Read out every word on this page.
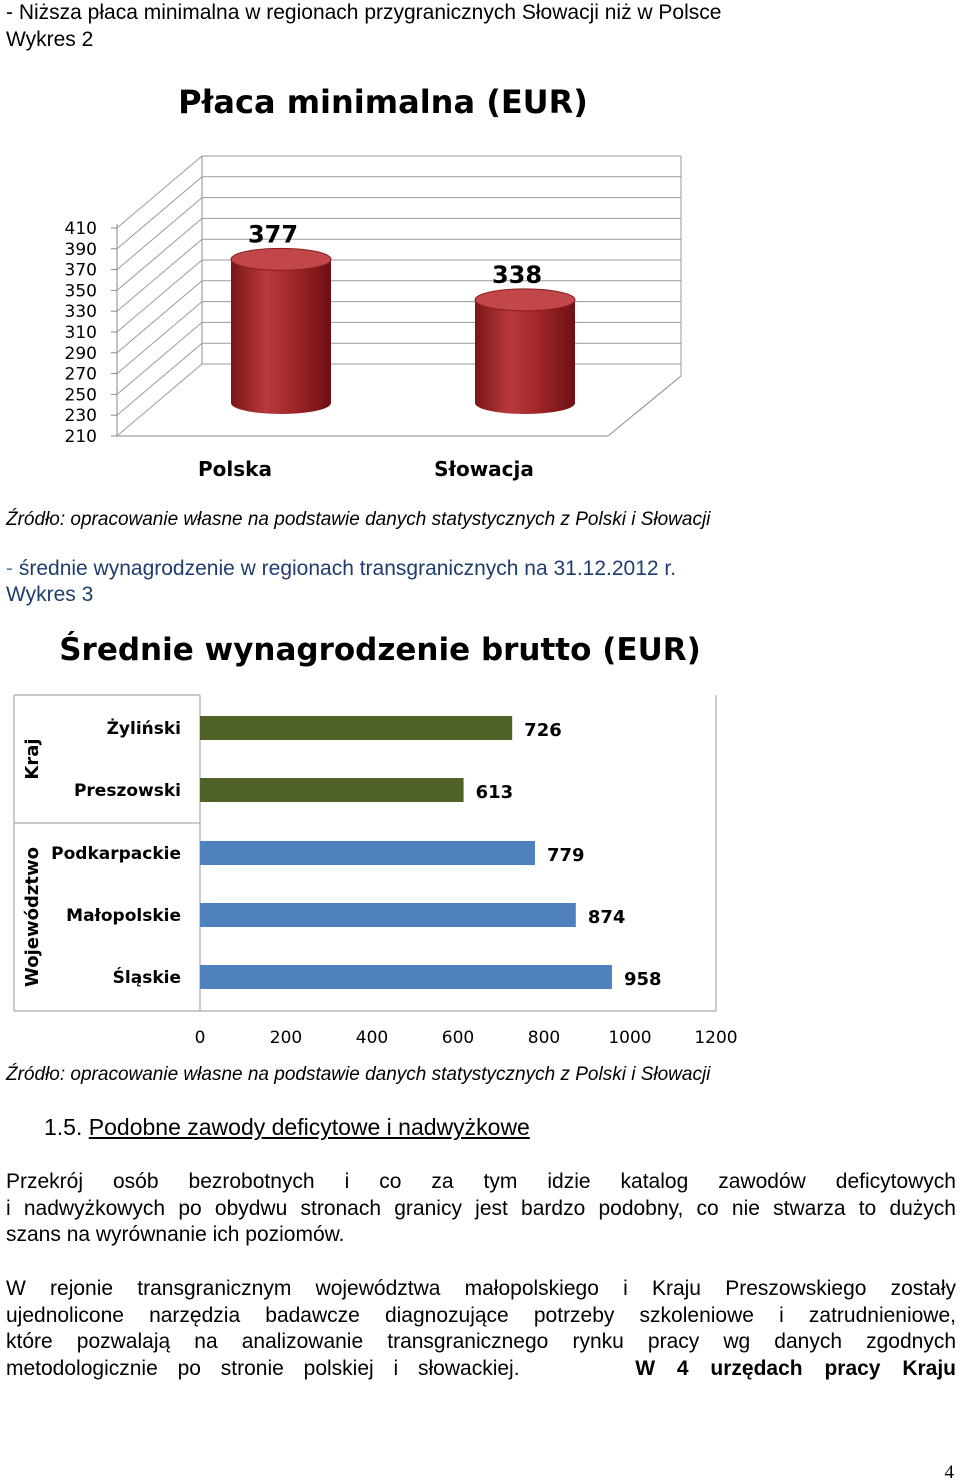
- Niższa płaca minimalna w regionach przygranicznych Słowacji niż w Polsce
Wykres 2
Płaca minimalna (EUR)
410
390
370
350
330
310
290
270
250
230
210
377
338
Polska	Słowacja
Źródło: opracowanie własne na podstawie danych statystycznych z Polski i Słowacji
- średnie wynagrodzenie w regionach transgranicznych na 31.12.2012 r.
Wykres 3
Średnie wynagrodzenie brutto (EUR)
Kraj
Województwo
Żyliński	726
Preszowski	613
Podkarpackie	779
Małopolskie	874
Śląskie	958
0	200	400	600	800	1000	1200
Źródło: opracowanie własne na podstawie danych statystycznych z Polski i Słowacji
1.5. Podobne zawody deficytowe i nadwyżkowe
Przekrój osób bezrobotnych i co za tym idzie katalog zawodów deficytowych
i nadwyżkowych po obydwu stronach granicy jest bardzo podobny, co nie stwarza to dużych
szans na wyrównanie ich poziomów.
W rejonie transgranicznym województwa małopolskiego i Kraju Preszowskiego zostały
ujednolicone narzędzia badawcze diagnozujące potrzeby szkoleniowe i zatrudnieniowe,
które pozwalają na analizowanie transgranicznego rynku pracy wg danych zgodnych
metodologicznie po stronie polskiej i słowackiej.	W 4 urzędach pracy Kraju
4
